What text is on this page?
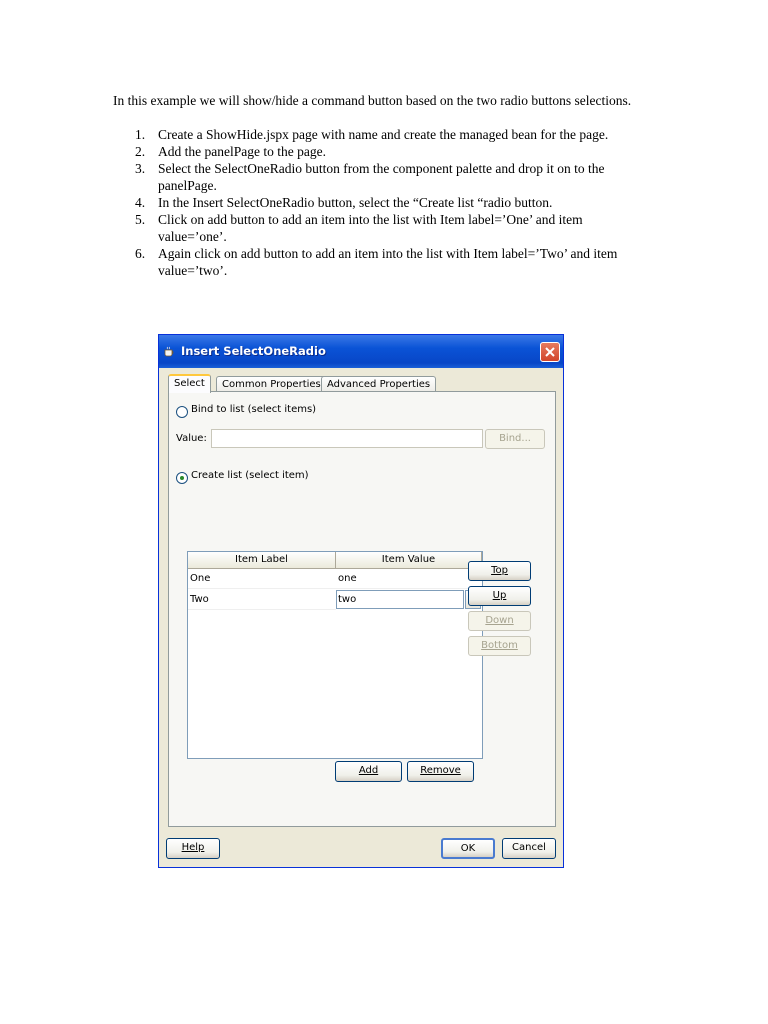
In this example we will show/hide a command button based on the two radio buttons selections.

1. Create a ShowHide.jspx page with name and create the managed bean for the page.
2. Add the panelPage to the page.
3. Select the SelectOneRadio button from the component palette and drop it on to the panelPage.
4. In the Insert SelectOneRadio button, select the “Create list “radio button.
5. Click on add button to add an item into the list with Item label=’One’ and item value=’one’.
6. Again click on add button to add an item into the list with Item label=’Two’ and item value=’two’.
Insert SelectOneRadio
Select	Common Properties Advanced Properties
Bind to list (select items)
Value:	Bind...
Create list (select item)
Item Label	Item Value
One	one
Two	two
Top
Up
Down
Bottom
Add	Remove
Help	OK	Cancel
